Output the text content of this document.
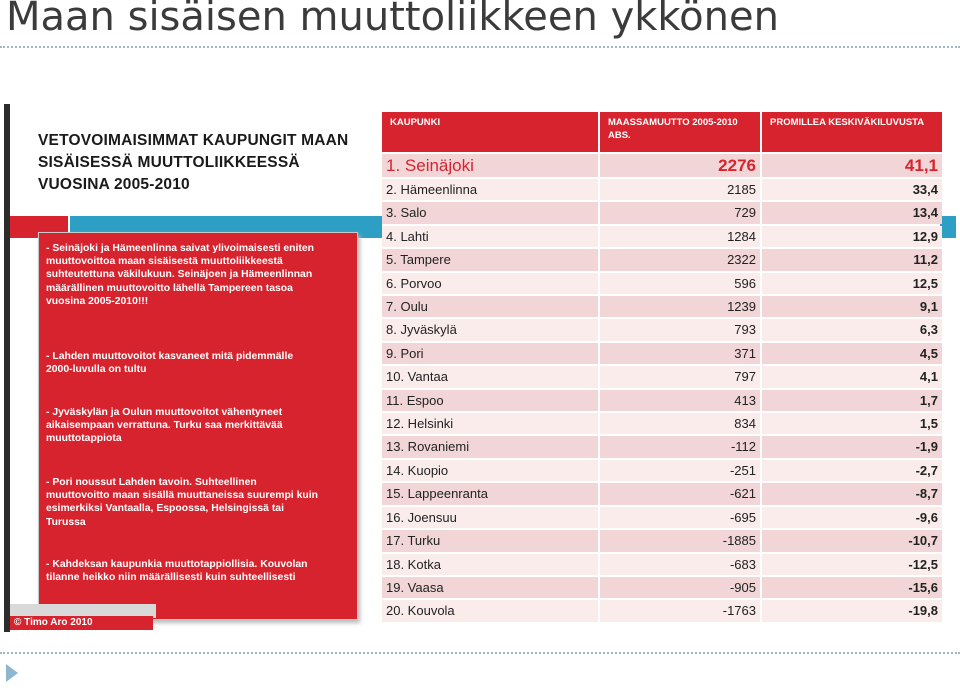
Maan sisäisen muuttoliikkeen ykkönen
VETOVOIMAISIMMAT KAUPUNGIT MAAN SISÄISESSÄ MUUTTOLIIKKEESSÄ VUOSINA 2005-2010
- Seinäjoki ja Hämeenlinna saivat ylivoimaisesti eniten muuttovoittoa maan sisäisestä muuttoliikkeestä suhteutettuna väkilukuun. Seinäjoen ja Hämeenlinnan määrällinen muuttovoitto lähellä Tampereen tasoa vuosina 2005-2010!!!
- Lahden muuttovoitot kasvaneet mitä pidemmälle 2000-luvulla on tultu
- Jyväskylän ja Oulun muuttovoitot vähentyneet aikaisempaan verrattuna. Turku saa merkittävää muuttotappiota
- Pori noussut Lahden tavoin. Suhteellinen muuttovoitto maan sisällä muuttaneissa suurempi kuin esimerkiksi Vantaalla, Espoossa, Helsingissä tai Turussa
- Kahdeksan kaupunkia muuttotappiollisia. Kouvolan tilanne heikko niin määrällisesti kuin suhteellisesti
© Timo Aro 2010
KAUPUNKI	MAASSAMUUTTO 2005-2010 ABS.	PROMILLEA KESKIVÄKILUVUSTA
1. Seinäjoki	2276	41,1
2. Hämeenlinna	2185	33,4
3. Salo	729	13,4
4. Lahti	1284	12,9
5. Tampere	2322	11,2
6. Porvoo	596	12,5
7. Oulu	1239	9,1
8. Jyväskylä	793	6,3
9. Pori	371	4,5
10. Vantaa	797	4,1
11. Espoo	413	1,7
12. Helsinki	834	1,5
13. Rovaniemi	-112	-1,9
14. Kuopio	-251	-2,7
15. Lappeenranta	-621	-8,7
16. Joensuu	-695	-9,6
17. Turku	-1885	-10,7
18. Kotka	-683	-12,5
19. Vaasa	-905	-15,6
20. Kouvola	-1763	-19,8
